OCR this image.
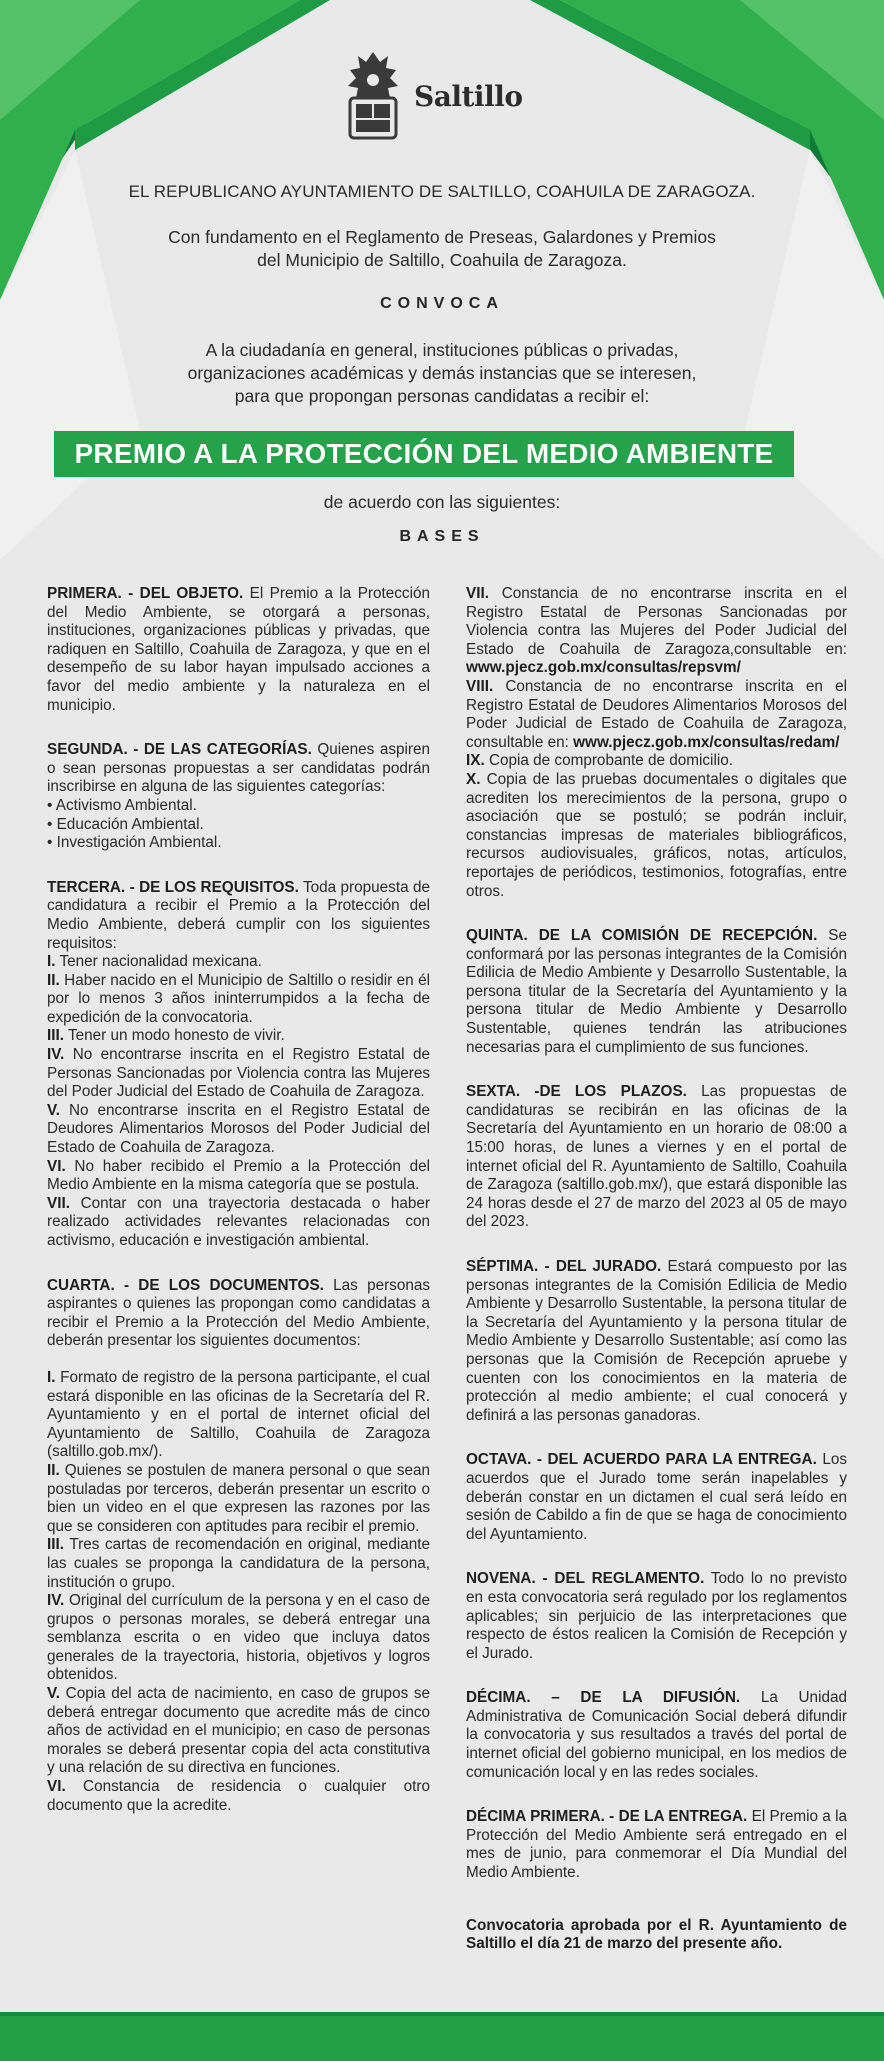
Saltillo
EL REPUBLICANO AYUNTAMIENTO DE SALTILLO, COAHUILA DE ZARAGOZA.
Con fundamento en el Reglamento de Preseas, Galardones y Premios
del Municipio de Saltillo, Coahuila de Zaragoza.
CONVOCA
A la ciudadanía en general, instituciones públicas o privadas,
organizaciones académicas y demás instancias que se interesen,
para que propongan personas candidatas a recibir el:
PREMIO A LA PROTECCIÓN DEL MEDIO AMBIENTE
de acuerdo con las siguientes:
BASES

PRIMERA. - DEL OBJETO. El Premio a la Protección del Medio Ambiente, se otorgará a personas, instituciones, organizaciones públicas y privadas, que radiquen en Saltillo, Coahuila de Zaragoza, y que en el desempeño de su labor hayan impulsado acciones a favor del medio ambiente y la naturaleza en el municipio.

SEGUNDA. - DE LAS CATEGORÍAS. Quienes aspiren o sean personas propuestas a ser candidatas podrán inscribirse en alguna de las siguientes categorías:

• Activismo Ambiental.

• Educación Ambiental.

• Investigación Ambiental.

TERCERA. - DE LOS REQUISITOS. Toda propuesta de candidatura a recibir el Premio a la Protección del Medio Ambiente, deberá cumplir con los siguientes requisitos:

I. Tener nacionalidad mexicana.

II. Haber nacido en el Municipio de Saltillo o residir en él por lo menos 3 años ininterrumpidos a la fecha de expedición de la convocatoria.

III. Tener un modo honesto de vivir.

IV. No encontrarse inscrita en el Registro Estatal de Personas Sancionadas por Violencia contra las Mujeres del Poder Judicial del Estado de Coahuila de Zaragoza.

V. No encontrarse inscrita en el Registro Estatal de Deudores Alimentarios Morosos del Poder Judicial del Estado de Coahuila de Zaragoza.

VI. No haber recibido el Premio a la Protección del Medio Ambiente en la misma categoría que se postula.

VII. Contar con una trayectoria destacada o haber realizado actividades relevantes relacionadas con activismo, educación e investigación ambiental.

CUARTA. - DE LOS DOCUMENTOS. Las personas aspirantes o quienes las propongan como candidatas a recibir el Premio a la Protección del Medio Ambiente, deberán presentar los siguientes documentos:

I. Formato de registro de la persona participante, el cual estará disponible en las oficinas de la Secretaría del R. Ayuntamiento y en el portal de internet oficial del Ayuntamiento de Saltillo, Coahuila de Zaragoza (saltillo.gob.mx/).

II. Quienes se postulen de manera personal o que sean postuladas por terceros, deberán presentar un escrito o bien un video en el que expresen las razones por las que se consideren con aptitudes para recibir el premio.

III. Tres cartas de recomendación en original, mediante las cuales se proponga la candidatura de la persona, institución o grupo.

IV. Original del currículum de la persona y en el caso de grupos o personas morales, se deberá entregar una semblanza escrita o en video que incluya datos generales de la trayectoria, historia, objetivos y logros obtenidos.

V. Copia del acta de nacimiento, en caso de grupos se deberá entregar documento que acredite más de cinco años de actividad en el municipio; en caso de personas morales se deberá presentar copia del acta constitutiva y una relación de su directiva en funciones.

VI. Constancia de residencia o cualquier otro documento que la acredite.

VII. Constancia de no encontrarse inscrita en el Registro Estatal de Personas Sancionadas por Violencia contra las Mujeres del Poder Judicial del Estado de Coahuila de Zaragoza,consultable en: www.pjecz.gob.mx/consultas/repsvm/

VIII. Constancia de no encontrarse inscrita en el Registro Estatal de Deudores Alimentarios Morosos del Poder Judicial de Estado de Coahuila de Zaragoza, consultable en: www.pjecz.gob.mx/consultas/redam/

IX. Copia de comprobante de domicilio.

X. Copia de las pruebas documentales o digitales que acrediten los merecimientos de la persona, grupo o asociación que se postuló; se podrán incluir, constancias impresas de materiales bibliográficos, recursos audiovisuales, gráficos, notas, artículos, reportajes de periódicos, testimonios, fotografías, entre otros.

QUINTA. DE LA COMISIÓN DE RECEPCIÓN. Se conformará por las personas integrantes de la Comisión Edilicia de Medio Ambiente y Desarrollo Sustentable, la persona titular de la Secretaría del Ayuntamiento y la persona titular de Medio Ambiente y Desarrollo Sustentable, quienes tendrán las atribuciones necesarias para el cumplimiento de sus funciones.

SEXTA. -DE LOS PLAZOS. Las propuestas de candidaturas se recibirán en las oficinas de la Secretaría del Ayuntamiento en un horario de 08:00 a 15:00 horas, de lunes a viernes y en el portal de internet oficial del R. Ayuntamiento de Saltillo, Coahuila de Zaragoza (saltillo.gob.mx/), que estará disponible las 24 horas desde el 27 de marzo del 2023 al 05 de mayo del 2023.

SÉPTIMA. - DEL JURADO. Estará compuesto por las personas integrantes de la Comisión Edilicia de Medio Ambiente y Desarrollo Sustentable, la persona titular de la Secretaría del Ayuntamiento y la persona titular de Medio Ambiente y Desarrollo Sustentable; así como las personas que la Comisión de Recepción apruebe y cuenten con los conocimientos en la materia de protección al medio ambiente; el cual conocerá y definirá a las personas ganadoras.

OCTAVA. - DEL ACUERDO PARA LA ENTREGA. Los acuerdos que el Jurado tome serán inapelables y deberán constar en un dictamen el cual será leído en sesión de Cabildo a fin de que se haga de conocimiento del Ayuntamiento.

NOVENA. - DEL REGLAMENTO. Todo lo no previsto en esta convocatoria será regulado por los reglamentos aplicables; sin perjuicio de las interpretaciones que respecto de éstos realicen la Comisión de Recepción y el Jurado.

DÉCIMA. – DE LA DIFUSIÓN. La Unidad Administrativa de Comunicación Social deberá difundir la convocatoria y sus resultados a través del portal de internet oficial del gobierno municipal, en los medios de comunicación local y en las redes sociales.

DÉCIMA PRIMERA. - DE LA ENTREGA. El Premio a la Protección del Medio Ambiente será entregado en el mes de junio, para conmemorar el Día Mundial del Medio Ambiente.

Convocatoria aprobada por el R. Ayuntamiento de Saltillo el día 21 de marzo del presente año.
